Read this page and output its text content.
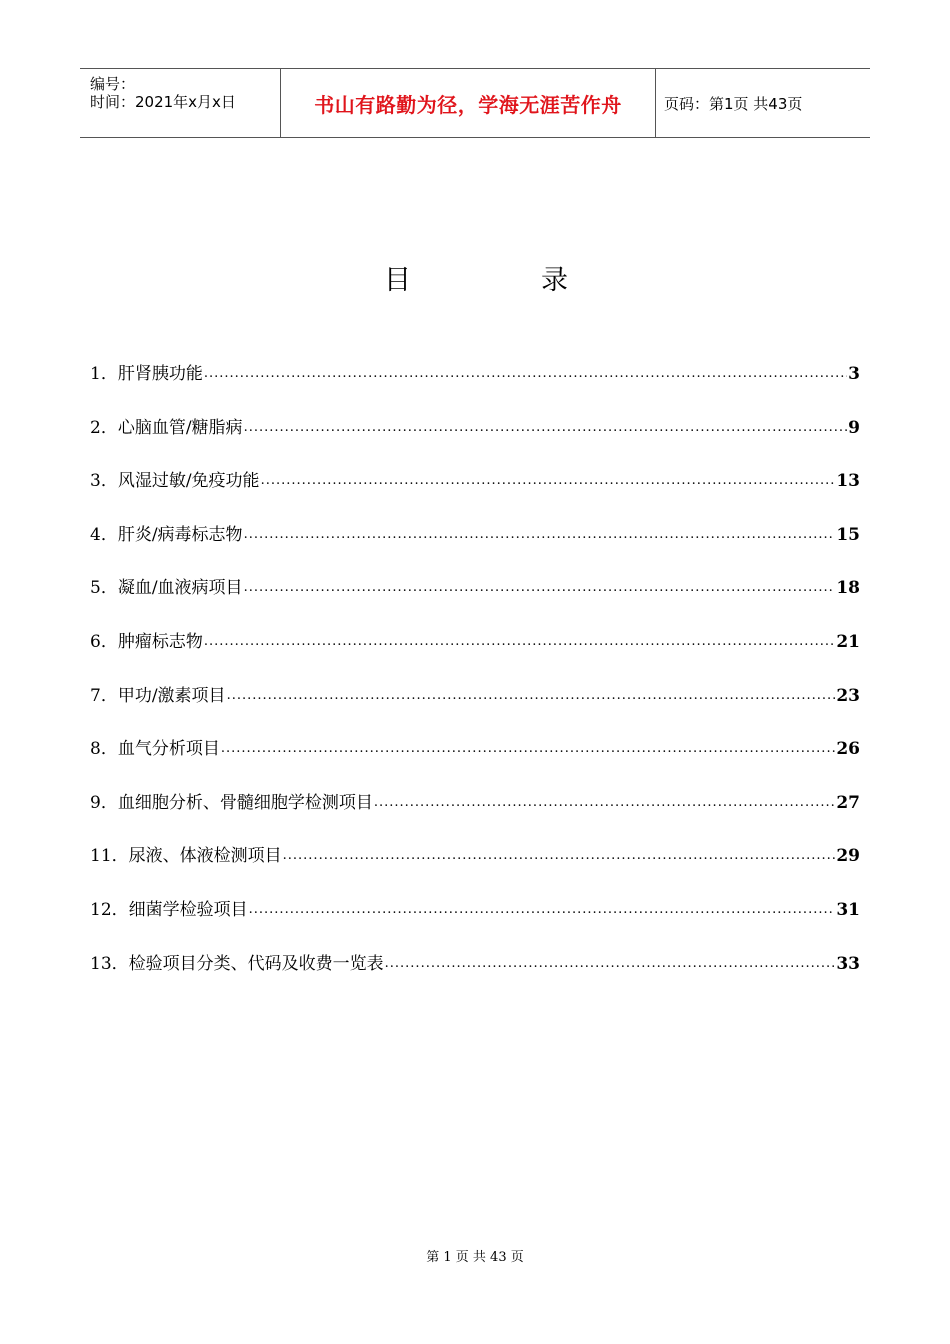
编号：
时间：2021年x月x日	书山有路勤为径，学海无涯苦作舟	页码：第1页 共43页
目	录
1． 肝肾胰功能 .....	3
2． 心脑血管/糖脂病 .....	9
3． 风湿过敏/免疫功能 .....	13
4． 肝炎/病毒标志物 .....	15
5． 凝血/血液病项目 .....	18
6． 肿瘤标志物 .....	21
7． 甲功/激素项目 .....	23
8． 血气分析项目 .....	26
9． 血细胞分析、骨髓细胞学检测项目 .....	27
11． 尿液、体液检测项目 .....	29
12． 细菌学检验项目 .....	31
13． 检验项目分类、代码及收费一览表 .....	33
第 1 页 共 43 页
